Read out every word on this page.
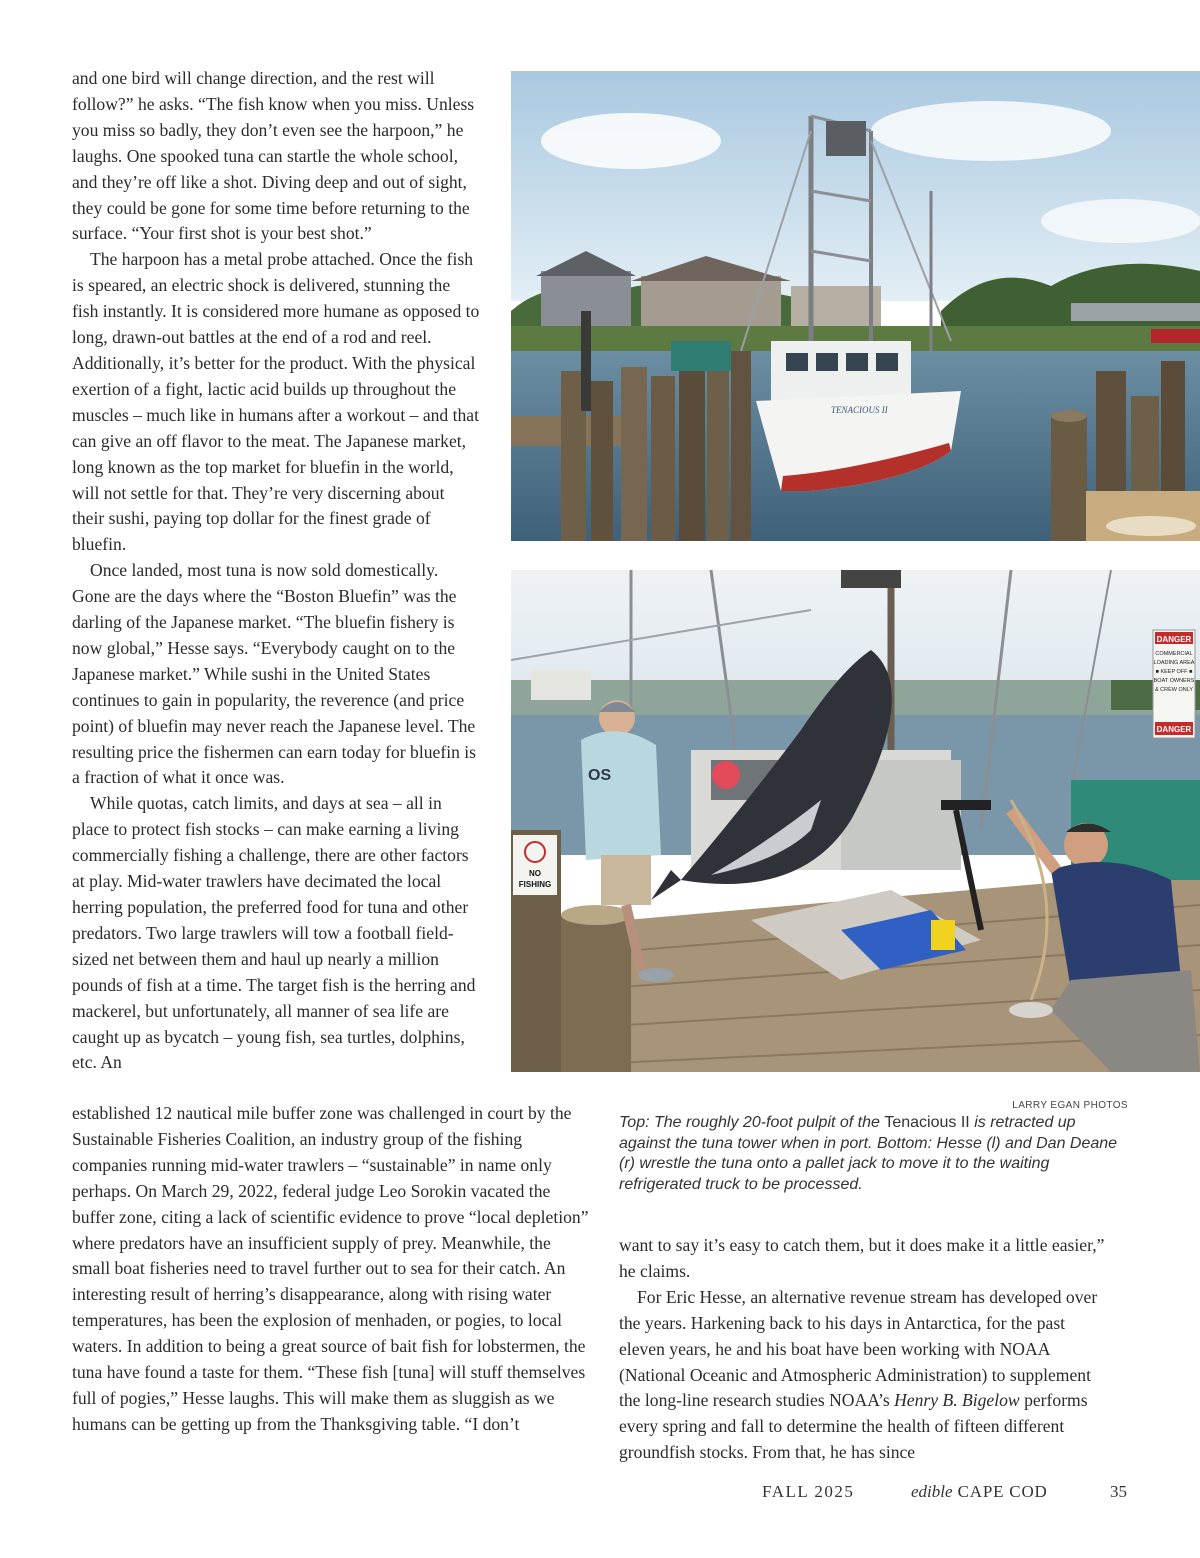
and one bird will change direction, and the rest will follow?” he asks. “The fish know when you miss. Unless you miss so badly, they don’t even see the harpoon,” he laughs. One spooked tuna can startle the whole school, and they’re off like a shot. Diving deep and out of sight, they could be gone for some time before returning to the surface. “Your first shot is your best shot.”

The harpoon has a metal probe attached. Once the fish is speared, an electric shock is delivered, stunning the fish instantly. It is considered more humane as opposed to long, drawn-out battles at the end of a rod and reel. Additionally, it’s better for the product. With the physical exertion of a fight, lactic acid builds up throughout the muscles – much like in humans after a workout – and that can give an off flavor to the meat. The Japanese market, long known as the top market for bluefin in the world, will not settle for that. They’re very discerning about their sushi, paying top dollar for the finest grade of bluefin.

Once landed, most tuna is now sold domestically. Gone are the days where the “Boston Bluefin” was the darling of the Japanese market. “The bluefin fishery is now global,” Hesse says. “Everybody caught on to the Japanese market.” While sushi in the United States continues to gain in popularity, the reverence (and price point) of bluefin may never reach the Japanese level. The resulting price the fishermen can earn today for bluefin is a fraction of what it once was.

While quotas, catch limits, and days at sea – all in place to protect fish stocks – can make earning a living commercially fishing a challenge, there are other factors at play. Mid-water trawlers have decimated the local herring population, the preferred food for tuna and other predators. Two large trawlers will tow a football field-sized net between them and haul up nearly a million pounds of fish at a time. The target fish is the herring and mackerel, but unfortunately, all manner of sea life are caught up as bycatch – young fish, sea turtles, dolphins, etc. An

TENACIOUS II
DANGER
COMMERCIAL
LOADING AREA
■ KEEP OFF ■
BOAT OWNERS
& CREW ONLY
DANGER
NO
FISHING
OS

established 12 nautical mile buffer zone was challenged in court by the Sustainable Fisheries Coalition, an industry group of the fishing companies running mid-water trawlers – “sustainable” in name only perhaps. On March 29, 2022, federal judge Leo Sorokin vacated the buffer zone, citing a lack of scientific evidence to prove “local depletion” where predators have an insufficient supply of prey. Meanwhile, the small boat fisheries need to travel further out to sea for their catch. An interesting result of herring’s disappearance, along with rising water temperatures, has been the explosion of menhaden, or pogies, to local waters. In addition to being a great source of bait fish for lobstermen, the tuna have found a taste for them. “These fish [tuna] will stuff themselves full of pogies,” Hesse laughs. This will make them as sluggish as we humans can be getting up from the Thanksgiving table. “I don’t

LARRY EGAN PHOTOS
Top: The roughly 20-foot pulpit of the Tenacious II is retracted up against the tuna tower when in port. Bottom: Hesse (l) and Dan Deane (r) wrestle the tuna onto a pallet jack to move it to the waiting refrigerated truck to be processed.

want to say it’s easy to catch them, but it does make it a little easier,” he claims.

For Eric Hesse, an alternative revenue stream has developed over the years. Harkening back to his days in Antarctica, for the past eleven years, he and his boat have been working with NOAA (National Oceanic and Atmospheric Administration) to supplement the long-line research studies NOAA’s Henry B. Bigelow performs every spring and fall to determine the health of fifteen different groundfish stocks. From that, he has since

FALL 2025	edible CAPE COD	35
